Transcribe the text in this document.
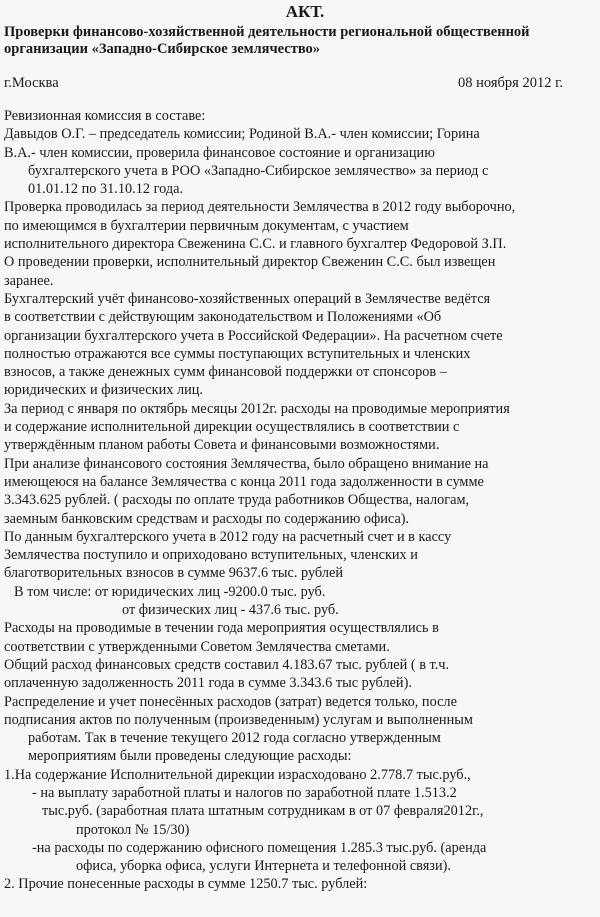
АКТ.
Проверки финансово-хозяйственной деятельности региональной общественной
организации «Западно-Сибирское землячество»
г.Москва	08 ноября 2012 г.
Ревизионная комиссия в составе:
Давыдов О.Г. – председатель комиссии; Родиной В.А.- член комиссии; Горина
В.А.- член комиссии, проверила финансовое состояние и организацию
бухгалтерского учета в РОО «Западно-Сибирское землячество» за период с
01.01.12 по 31.10.12 года.
Проверка проводилась за период деятельности Землячества в 2012 году выборочно,
по имеющимся в бухгалтерии первичным документам, с участием
исполнительного директора Свеженина С.С. и главного бухгалтер Федоровой З.П.
О проведении проверки, исполнительный директор Свеженин С.С. был извещен
заранее.
Бухгалтерский учёт финансово-хозяйственных операций в Землячестве ведётся
в соответствии с действующим законодательством и Положениями «Об
организации бухгалтерского учета в Российской Федерации». На расчетном счете
полностью отражаются все суммы поступающих вступительных и членских
взносов, а также денежных сумм финансовой поддержки от спонсоров –
юридических и физических лиц.
За период с января по октябрь месяцы 2012г. расходы на проводимые мероприятия
и содержание исполнительной дирекции осуществлялись в соответствии с
утверждённым планом работы Совета и финансовыми возможностями.
При анализе финансового состояния Землячества, было обращено внимание на
имеющеюся на балансе Землячества с конца 2011 года задолженности в сумме
3.343.625 рублей. ( расходы по оплате труда работников Общества, налогам,
заемным банковским средствам и расходы по содержанию офиса).
По данным бухгалтерского учета в 2012 году на расчетный счет и в кассу
Землячества поступило и оприходовано вступительных, членских и
благотворительных взносов в сумме 9637.6 тыс. рублей
В том числе: от юридических лиц -9200.0 тыс. руб.
от физических лиц - 437.6 тыс. руб.
Расходы на проводимые в течении года мероприятия осуществлялись в
соответствии с утвержденными Советом Землячества сметами.
Общий расход финансовых средств составил 4.183.67 тыс. рублей ( в т.ч.
оплаченную задолженность 2011 года в сумме 3.343.6 тыс рублей).
Распределение и учет понесённых расходов (затрат) ведется только, после
подписания актов по полученным (произведенным) услугам и выполненным
работам. Так в течение текущего 2012 года согласно утвержденным
мероприятиям были проведены следующие расходы:
1.На содержание Исполнительной дирекции израсходовано 2.778.7 тыс.руб.,
- на выплату заработной платы и налогов по заработной плате 1.513.2
тыс.руб. (заработная плата штатным сотрудникам в от 07 февраля2012г.,
протокол № 15/30)
-на расходы по содержанию офисного помещения 1.285.3 тыс.руб. (аренда
офиса, уборка офиса, услуги Интернета и телефонной связи).
2. Прочие понесенные расходы в сумме 1250.7 тыс. рублей:
